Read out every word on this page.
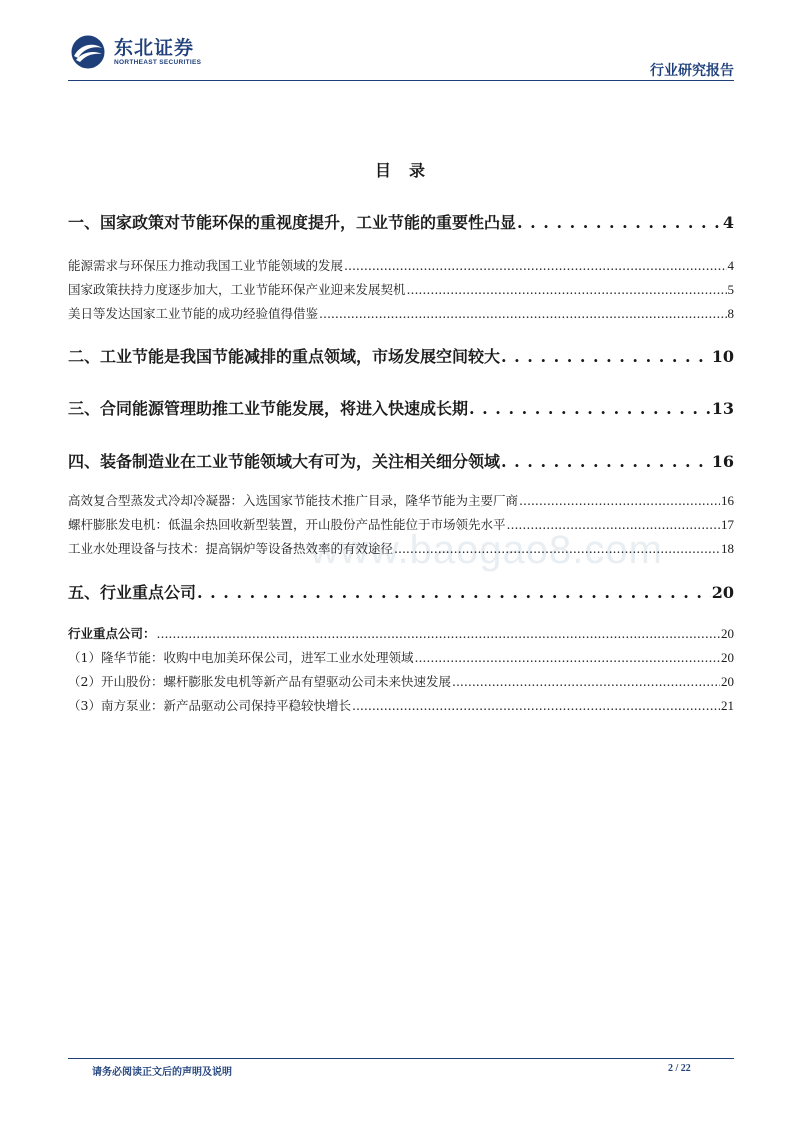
东北证券
NORTHEAST SECURITIES
行业研究报告
目录
www.baogao8.com
一、国家政策对节能环保的重视度提升，工业节能的重要性凸显 . . .	4
能源需求与环保压力推动我国工业节能领域的发展 .....	4
国家政策扶持力度逐步加大，工业节能环保产业迎来发展契机 .....	5
美日等发达国家工业节能的成功经验值得借鉴 .....	8
二、工业节能是我国节能减排的重点领域，市场发展空间较大 . . .	10
三、合同能源管理助推工业节能发展，将进入快速成长期 . . .	13
四、装备制造业在工业节能领域大有可为，关注相关细分领域 . . .	16
高效复合型蒸发式冷却冷凝器：入选国家节能技术推广目录，隆华节能为主要厂商 .....	16
螺杆膨胀发电机：低温余热回收新型装置，开山股份产品性能位于市场领先水平 .....	17
工业水处理设备与技术：提高锅炉等设备热效率的有效途径 .....	18
五、行业重点公司 . . .	20
行业重点公司： .....	20
（1）隆华节能：收购中电加美环保公司，进军工业水处理领域 .....	20
（2）开山股份：螺杆膨胀发电机等新产品有望驱动公司未来快速发展 .....	20
（3）南方泵业：新产品驱动公司保持平稳较快增长 .....	21
请务必阅读正文后的声明及说明	2 / 22
